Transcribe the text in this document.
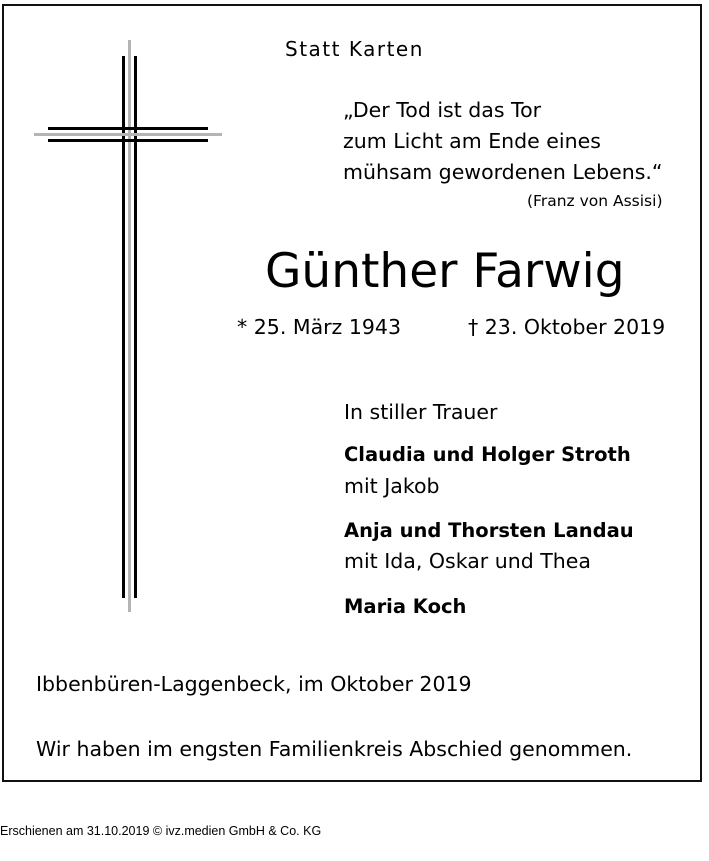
Statt Karten
„Der Tod ist das Tor
zum Licht am Ende eines
mühsam gewordenen Lebens.“
(Franz von Assisi)
Günther Farwig
* 25. März 1943	† 23. Oktober 2019
In stiller Trauer
Claudia und Holger Stroth
mit Jakob
Anja und Thorsten Landau
mit Ida, Oskar und Thea
Maria Koch
Ibbenbüren-Laggenbeck, im Oktober 2019
Wir haben im engsten Familienkreis Abschied genommen.
Erschienen am 31.10.2019 © ivz.medien GmbH & Co. KG
